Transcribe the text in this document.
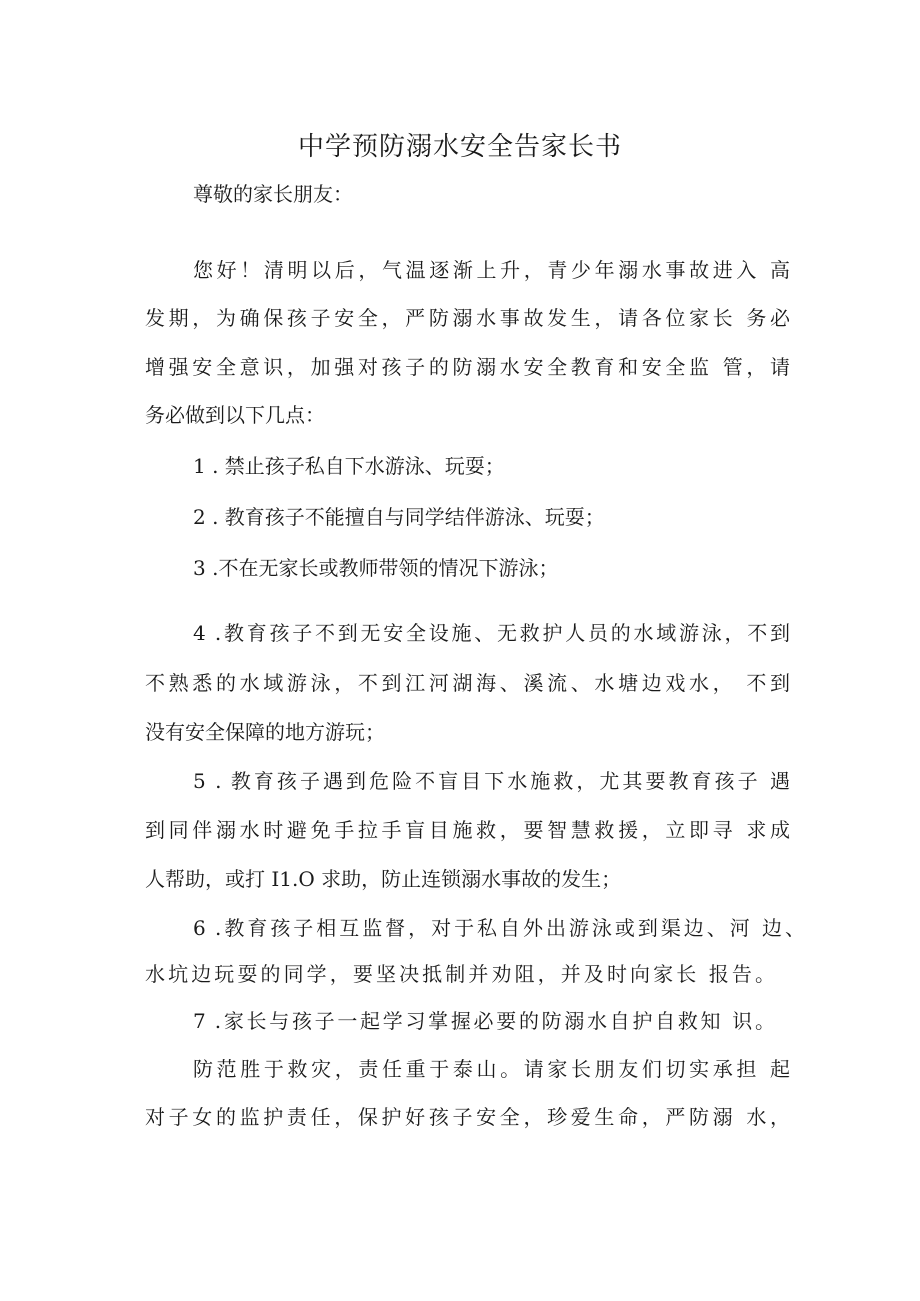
中学预防溺水安全告家长书
尊敬的家长朋友：
您好！清明以后，气温逐渐上升，青少年溺水事故进入 高
发期，为确保孩子安全，严防溺水事故发生，请各位家长 务必
增强安全意识，加强对孩子的防溺水安全教育和安全监 管，请
务必做到以下几点：
1 . 禁止孩子私自下水游泳、玩耍；
2 . 教育孩子不能擅自与同学结伴游泳、玩耍；
3 .不在无家长或教师带领的情况下游泳；
4 .教育孩子不到无安全设施、无救护人员的水域游泳，不到
不熟悉的水域游泳，不到江河湖海、溪流、水塘边戏水， 不到
没有安全保障的地方游玩；
5 . 教育孩子遇到危险不盲目下水施救，尤其要教育孩子 遇
到同伴溺水时避免手拉手盲目施救，要智慧救援，立即寻 求成
人帮助，或打 I1.O 求助，防止连锁溺水事故的发生；
6 .教育孩子相互监督，对于私自外出游泳或到渠边、河 边、
水坑边玩耍的同学，要坚决抵制并劝阻，并及时向家长 报告。
7 .家长与孩子一起学习掌握必要的防溺水自护自救知 识。
防范胜于救灾，责任重于泰山。请家长朋友们切实承担 起
对子女的监护责任，保护好孩子安全，珍爱生命，严防溺 水，
